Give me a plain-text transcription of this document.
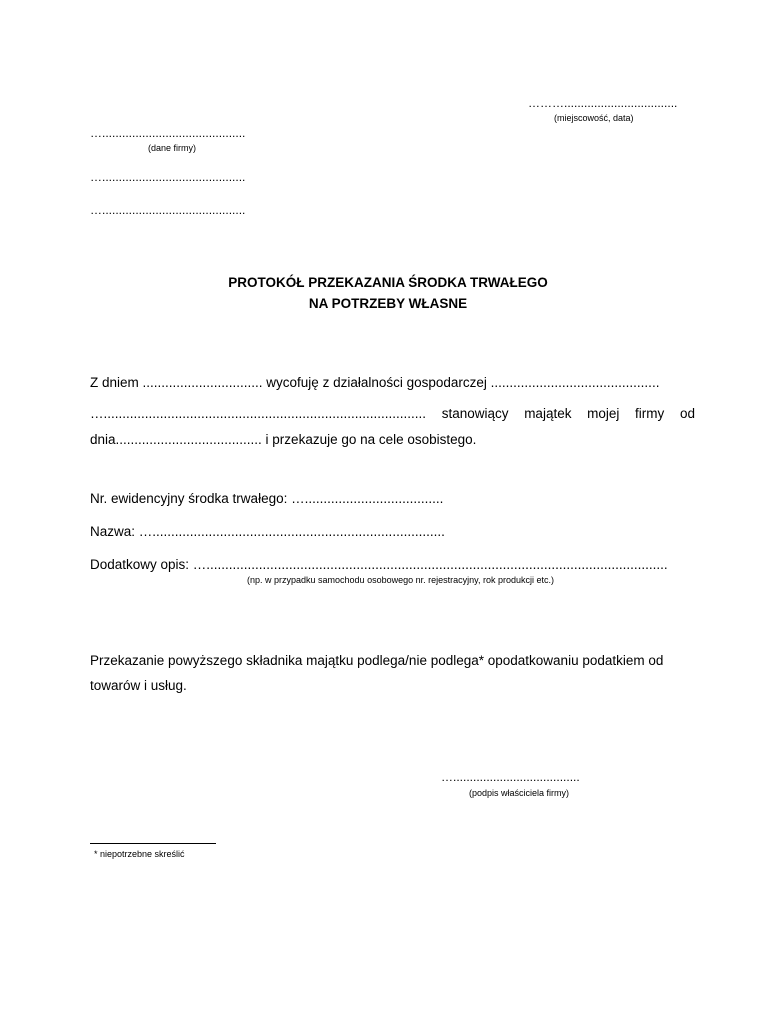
………..................................
(miejscowość, data)
…...........................................
(dane firmy)
…...........................................
…...........................................
PROTOKÓŁ PRZEKAZANIA ŚRODKA TRWAŁEGO
NA POTRZEBY WŁASNE
Z dniem ................................ wycofuję z działalności gospodarczej .............................................
…...................................................................................... stanowiący majątek mojej firmy od
dnia....................................... i przekazuje go na cele osobistego.
Nr. ewidencyjny środka trwałego: ….....................................
Nazwa: …..............................................................................
Dodatkowy opis: …...........................................................................................................................
(np. w przypadku samochodu osobowego nr. rejestracyjny, rok produkcji etc.)
Przekazanie powyższego składnika majątku podlega/nie podlega* opodatkowaniu podatkiem od
towarów i usług.
…......................................
(podpis właściciela firmy)
* niepotrzebne skreślić
